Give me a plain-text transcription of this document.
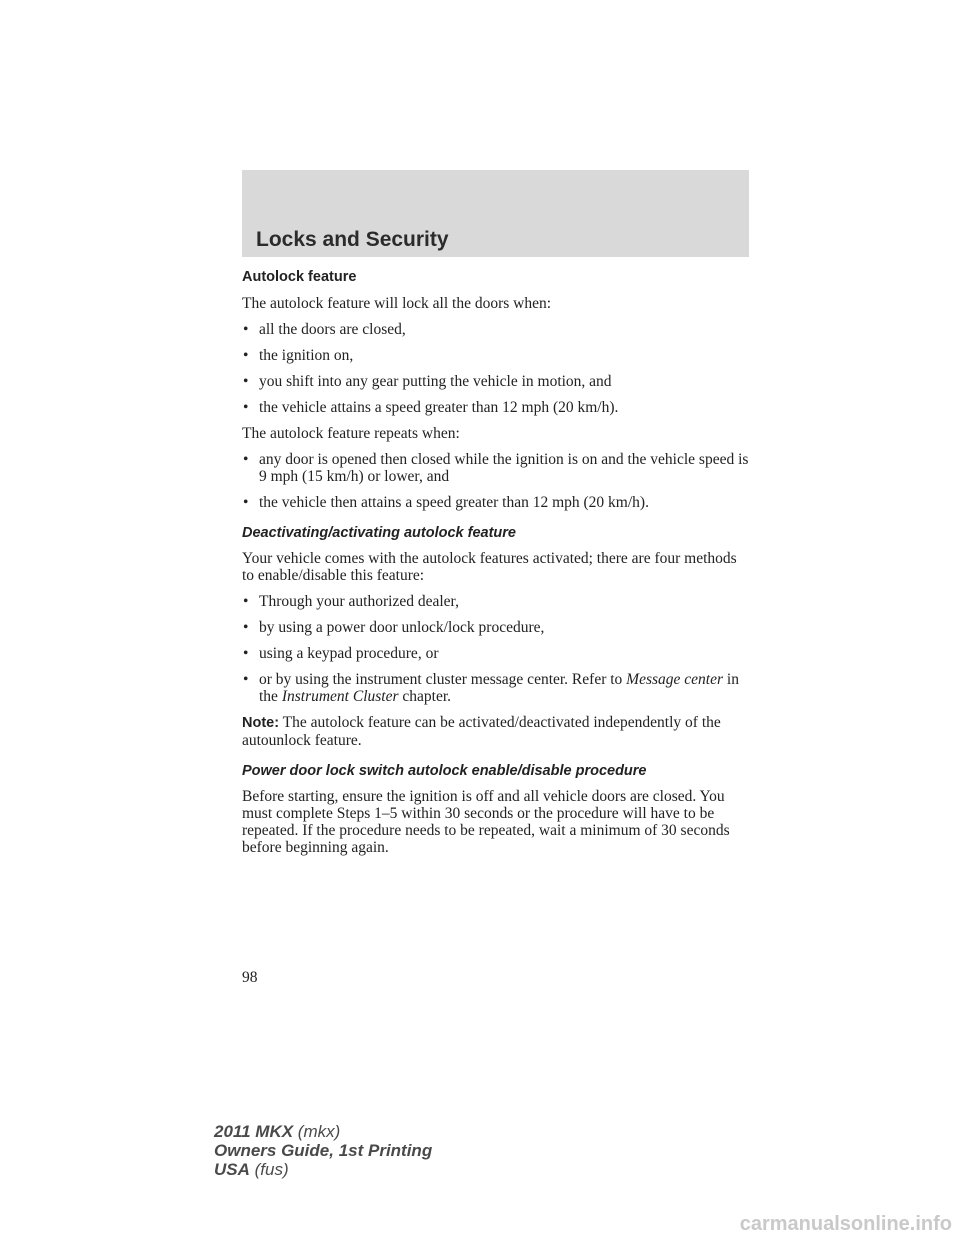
Locks and Security
Autolock feature

The autolock feature will lock all the doors when:

• all the doors are closed,
• the ignition on,
• you shift into any gear putting the vehicle in motion, and
• the vehicle attains a speed greater than 12 mph (20 km/h).

The autolock feature repeats when:

• any door is opened then closed while the ignition is on and the vehicle speed is 9 mph (15 km/h) or lower, and
• the vehicle then attains a speed greater than 12 mph (20 km/h).
Deactivating/activating autolock feature

Your vehicle comes with the autolock features activated; there are four methods to enable/disable this feature:

• Through your authorized dealer,
• by using a power door unlock/lock procedure,
• using a keypad procedure, or
• or by using the instrument cluster message center. Refer to Message center in the Instrument Cluster chapter.

Note: The autolock feature can be activated/deactivated independently of the autounlock feature.

Power door lock switch autolock enable/disable procedure

Before starting, ensure the ignition is off and all vehicle doors are closed. You must complete Steps 1–5 within 30 seconds or the procedure will have to be repeated. If the procedure needs to be repeated, wait a minimum of 30 seconds before beginning again.

98
2011 MKX (mkx)
Owners Guide, 1st Printing
USA (fus)
carmanualsonline.info
